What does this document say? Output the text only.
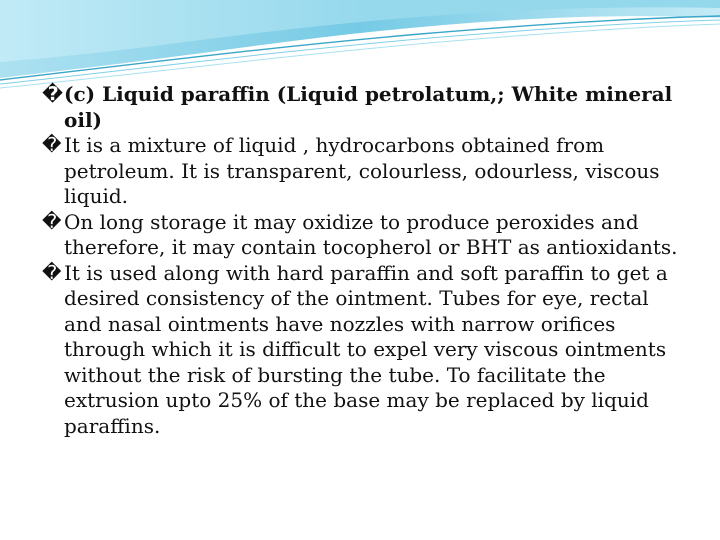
� (c) Liquid paraffin (Liquid petrolatum,; White mineral oil)

� It is a mixture of liquid , hydrocarbons obtained from petroleum. It is transparent, colourless, odourless, viscous liquid.

� On long storage it may oxidize to produce peroxides and therefore, it may contain tocopherol or BHT as antioxidants.

� It is used along with hard paraffin and soft paraffin to get a desired consistency of the ointment. Tubes for eye, rectal and nasal ointments have nozzles with narrow orifices through which it is difficult to expel very viscous ointments without the risk of bursting the tube. To facilitate the extrusion upto 25% of the base may be replaced by liquid paraffins.
